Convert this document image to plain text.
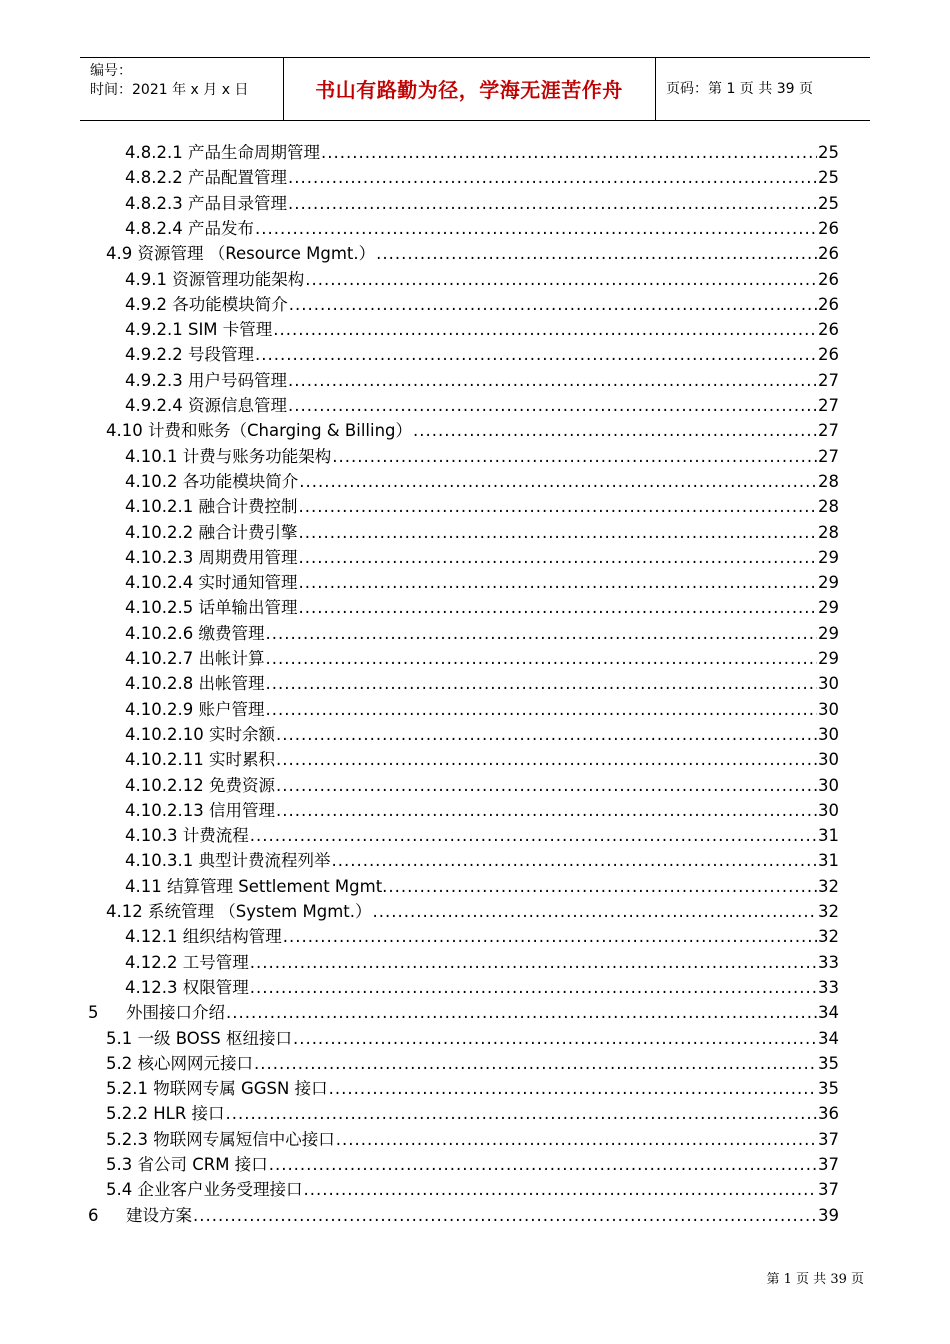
编号：
时间：2021 年 x 月 x 日	书山有路勤为径，学海无涯苦作舟	页码：第 1 页 共 39 页
4.8.2.1 产品生命周期管理 .....	25
4.8.2.2 产品配置管理 .....	25
4.8.2.3 产品目录管理 .....	25
4.8.2.4 产品发布 .....	26
4.9 资源管理 （Resource Mgmt.） .....	26
4.9.1 资源管理功能架构 .....	26
4.9.2 各功能模块简介 .....	26
4.9.2.1 SIM 卡管理 .....	26
4.9.2.2 号段管理 .....	26
4.9.2.3 用户号码管理 .....	27
4.9.2.4 资源信息管理 .....	27
4.10 计费和账务（Charging & Billing） .....	27
4.10.1 计费与账务功能架构 .....	27
4.10.2 各功能模块简介 .....	28
4.10.2.1 融合计费控制 .....	28
4.10.2.2 融合计费引擎 .....	28
4.10.2.3 周期费用管理 .....	29
4.10.2.4 实时通知管理 .....	29
4.10.2.5 话单输出管理 .....	29
4.10.2.6 缴费管理 .....	29
4.10.2.7 出帐计算 .....	29
4.10.2.8 出帐管理 .....	30
4.10.2.9 账户管理 .....	30
4.10.2.10 实时余额 .....	30
4.10.2.11 实时累积 .....	30
4.10.2.12 免费资源 .....	30
4.10.2.13 信用管理 .....	30
4.10.3 计费流程 .....	31
4.10.3.1 典型计费流程列举 .....	31
4.11 结算管理 Settlement Mgmt. .....	32
4.12 系统管理 （System Mgmt.） .....	32
4.12.1 组织结构管理 .....	32
4.12.2 工号管理 .....	33
4.12.3 权限管理 .....	33
5	外围接口介绍 .....	34
5.1 一级 BOSS 枢纽接口 .....	34
5.2 核心网网元接口 .....	35
5.2.1 物联网专属 GGSN 接口 .....	35
5.2.2 HLR 接口 .....	36
5.2.3 物联网专属短信中心接口 .....	37
5.3 省公司 CRM 接口 .....	37
5.4 企业客户业务受理接口 .....	37
6	建设方案 .....	39
第 1 页 共 39 页
